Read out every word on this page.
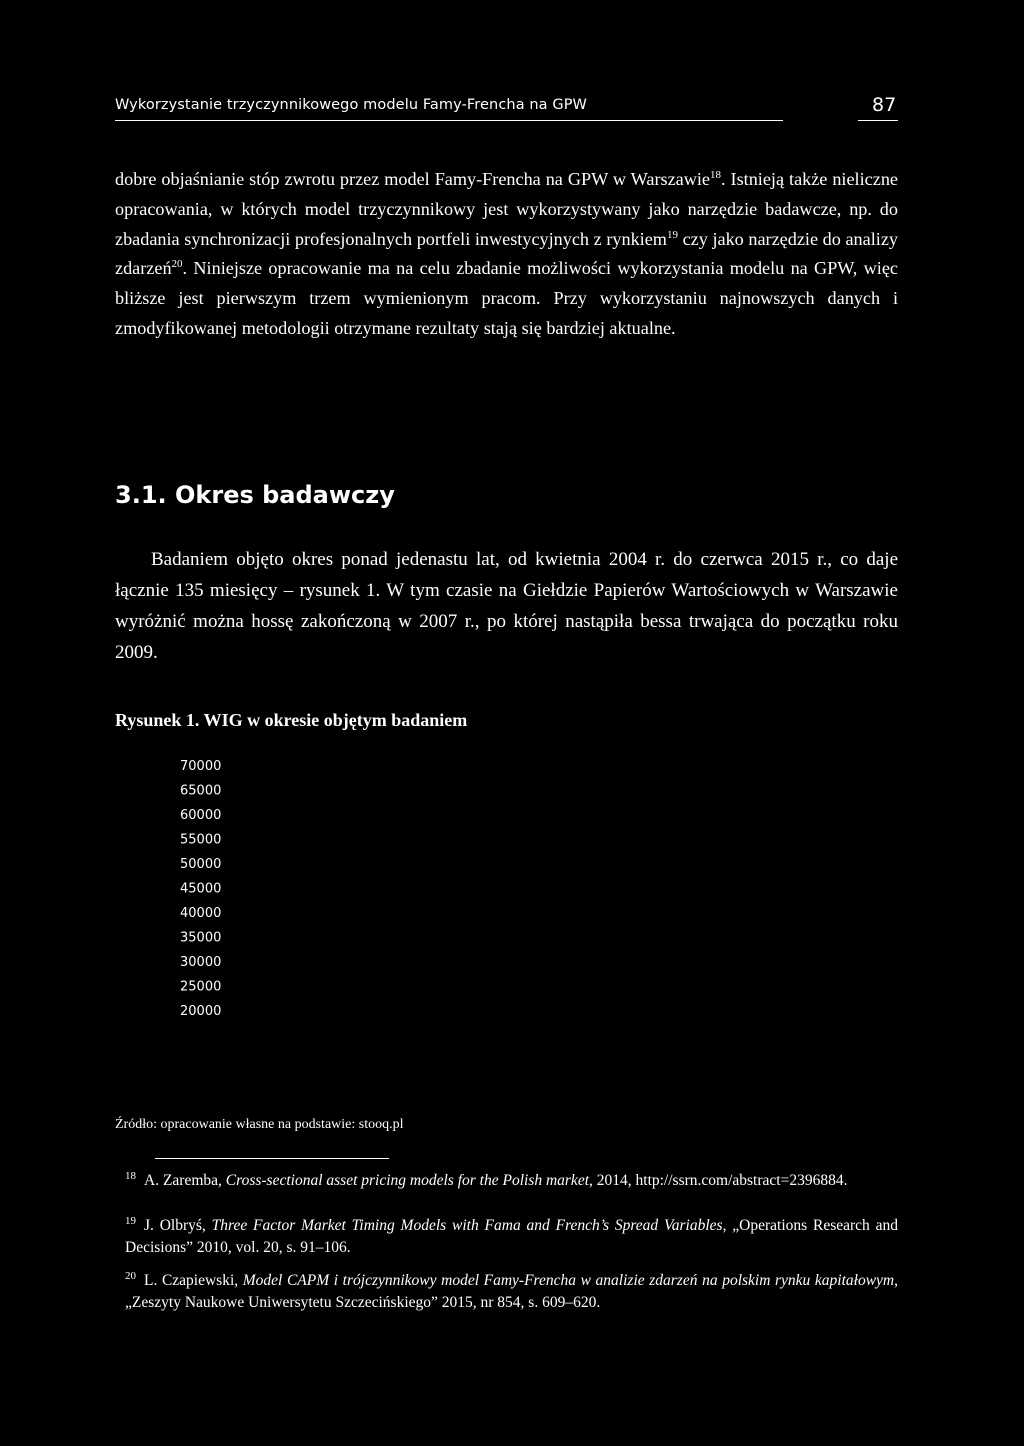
Wykorzystanie trzyczynnikowego modelu Famy-Frencha na GPW	87

dobre objaśnianie stóp zwrotu przez model Famy-Frencha na GPW w Warszawie$^{18}$. Istnieją także nieliczne opracowania, w których model trzyczynnikowy jest wykorzystywany jako narzędzie badawcze, np. do zbadania synchronizacji profesjonalnych portfeli inwestycyjnych z rynkiem$^{19}$ czy jako narzędzie do analizy zdarzeń$^{20}$. Niniejsze opracowanie ma na celu zbadanie możliwości wykorzystania modelu na GPW, więc bliższe jest pierwszym trzem wymienionym pracom. Przy wykorzystaniu najnowszych danych i zmodyfikowanej metodologii otrzymane rezultaty stają się bardziej aktualne.

3.1. Okres badawczy

Badaniem objęto okres ponad jedenastu lat, od kwietnia 2004 r. do czerwca 2015 r., co daje łącznie 135 miesięcy – rysunek 1. W tym czasie na Giełdzie Papierów Wartościowych w Warszawie wyróżnić można hossę zakończoną w 2007 r., po której nastąpiła bessa trwająca do początku roku 2009.

Rysunek 1. WIG w okresie objętym badaniem

70000
65000
60000
55000
50000
45000
40000
35000
30000
25000
20000

Źródło: opracowanie własne na podstawie: stooq.pl

$^{18}$ A. Zaremba, Cross-sectional asset pricing models for the Polish market, 2014, http://ssrn.com/abstract=2396884.

$^{19}$ J. Olbryś, Three Factor Market Timing Models with Fama and French’s Spread Variables, „Operations Research and Decisions” 2010, vol. 20, s. 91–106.

$^{20}$ L. Czapiewski, Model CAPM i trójczynnikowy model Famy-Frencha w analizie zdarzeń na polskim rynku kapitałowym, „Zeszyty Naukowe Uniwersytetu Szczecińskiego” 2015, nr 854, s. 609–620.
